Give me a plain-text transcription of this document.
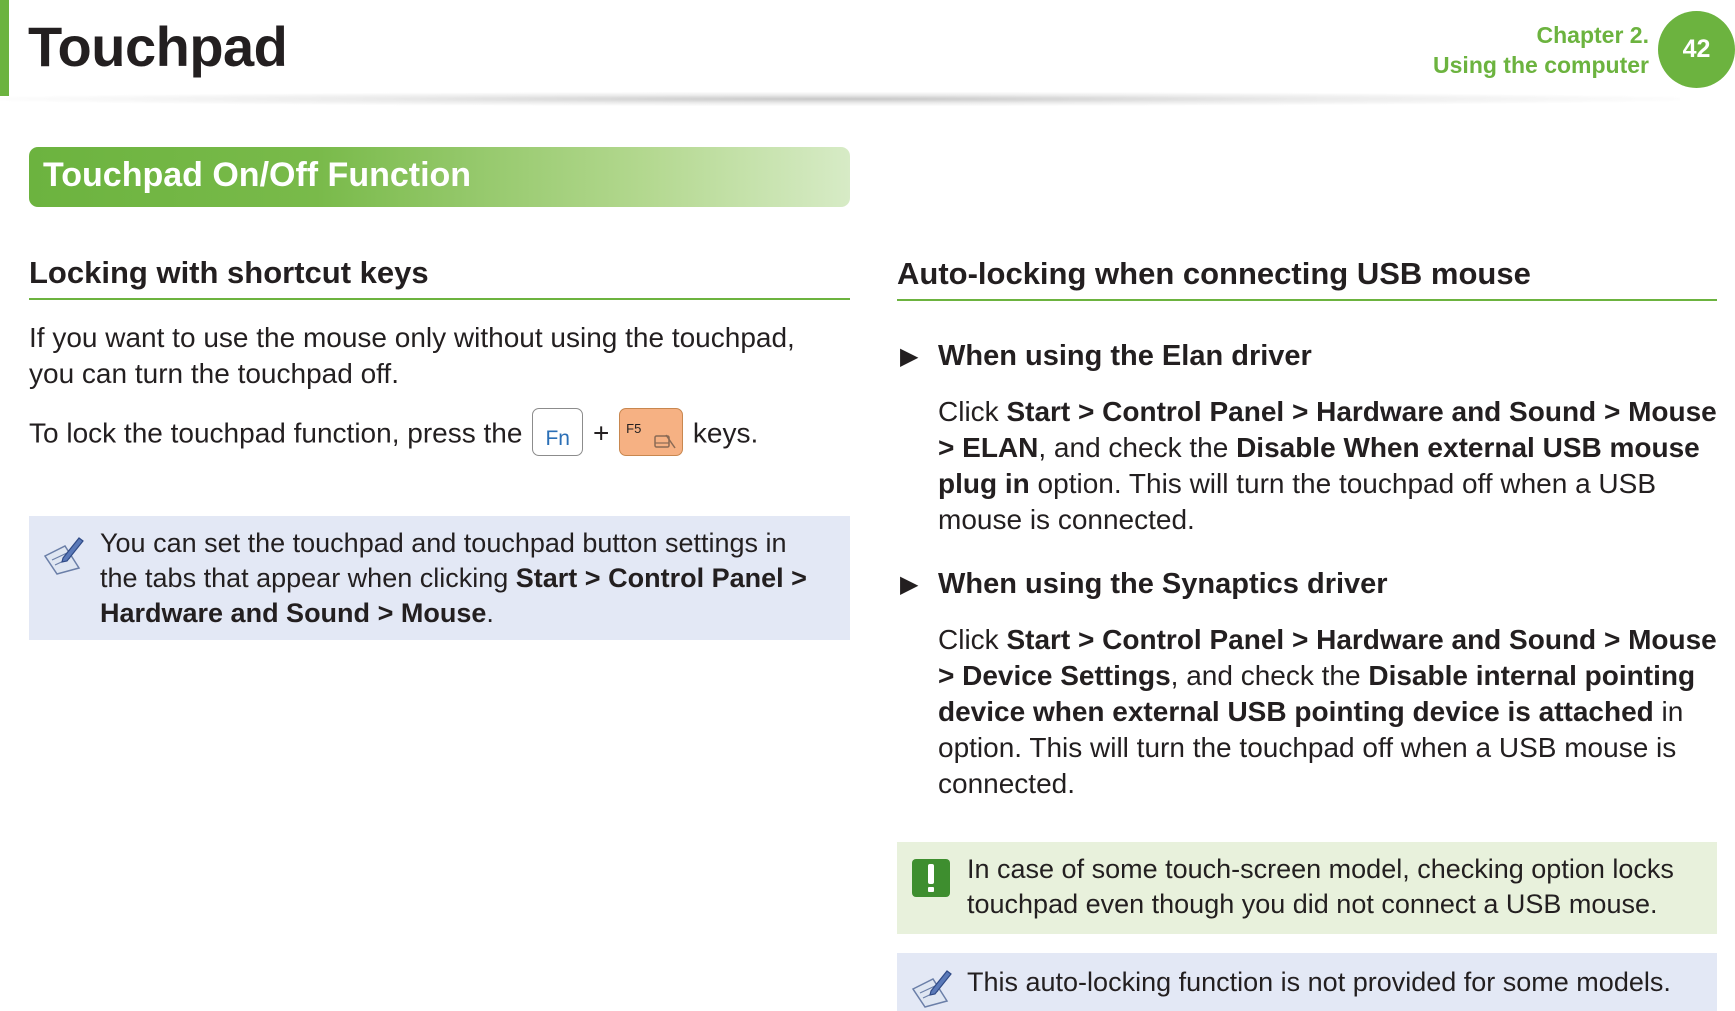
Touchpad	Chapter 2.
Using the computer
42
Touchpad On/Off Function
Locking with shortcut keys
If you want to use the mouse only without using the touchpad,
you can turn the touchpad off.
To lock the touchpad function, press the	Fn + F5 keys.
You can set the touchpad and touchpad button settings in
the tabs that appear when clicking Start > Control Panel >
Hardware and Sound > Mouse.
Auto-locking when connecting USB mouse
▶ When using the Elan driver
Click Start > Control Panel > Hardware and Sound > Mouse
> ELAN, and check the Disable When external USB mouse
plug in option. This will turn the touchpad off when a USB
mouse is connected.
▶ When using the Synaptics driver
Click Start > Control Panel > Hardware and Sound > Mouse
> Device Settings, and check the Disable internal pointing
device when external USB pointing device is attached in
option. This will turn the touchpad off when a USB mouse is
connected.
In case of some touch-screen model, checking option locks
touchpad even though you did not connect a USB mouse.
This auto-locking function is not provided for some models.
